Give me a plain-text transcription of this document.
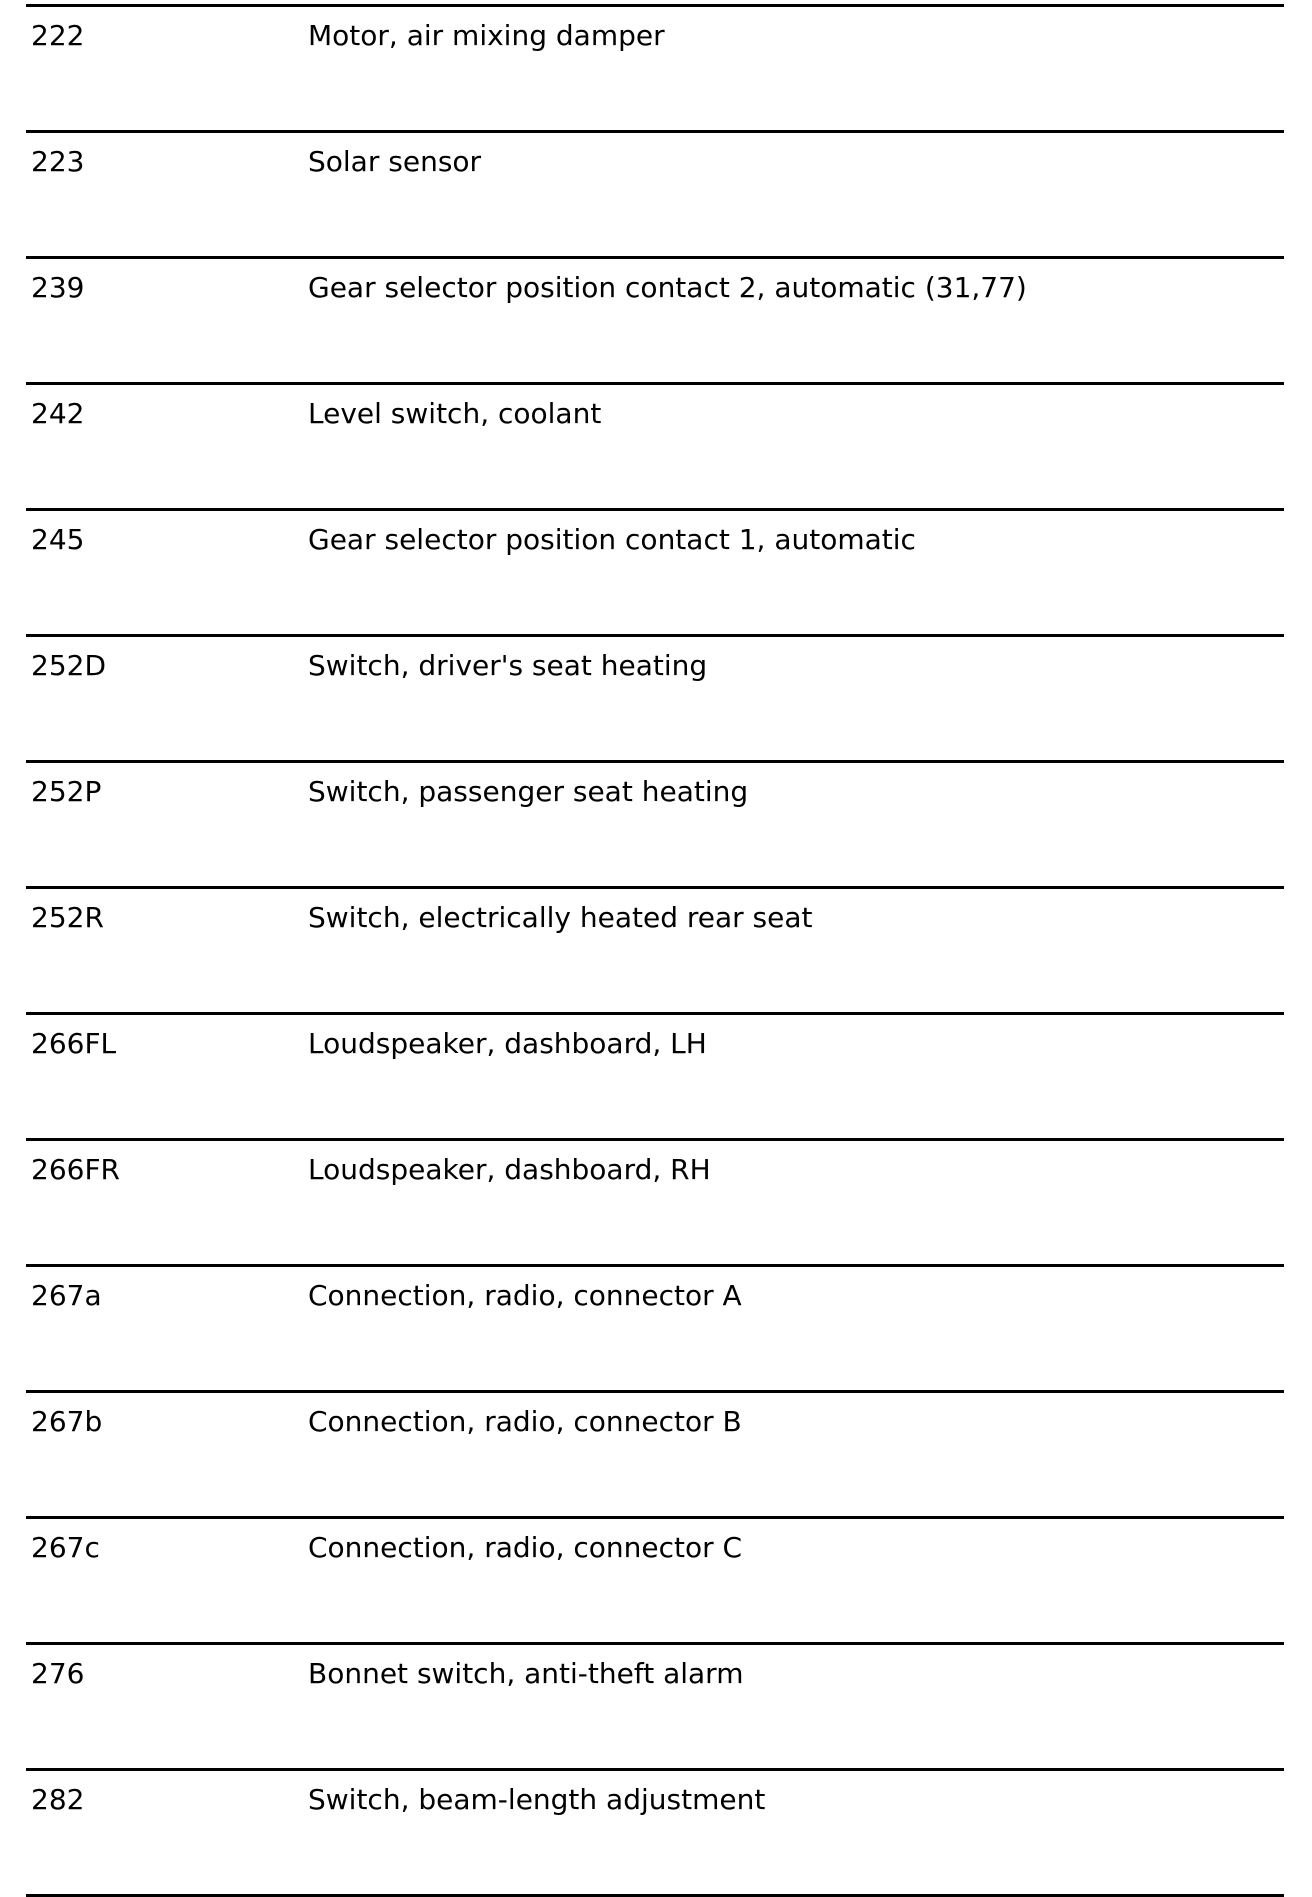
222	Motor, air mixing damper
223	Solar sensor
239	Gear selector position contact 2, automatic (31,77)
242	Level switch, coolant
245	Gear selector position contact 1, automatic
252D	Switch, driver's seat heating
252P	Switch, passenger seat heating
252R	Switch, electrically heated rear seat
266FL	Loudspeaker, dashboard, LH
266FR	Loudspeaker, dashboard, RH
267a	Connection, radio, connector A
267b	Connection, radio, connector B
267c	Connection, radio, connector C
276	Bonnet switch, anti-theft alarm
282	Switch, beam-length adjustment
